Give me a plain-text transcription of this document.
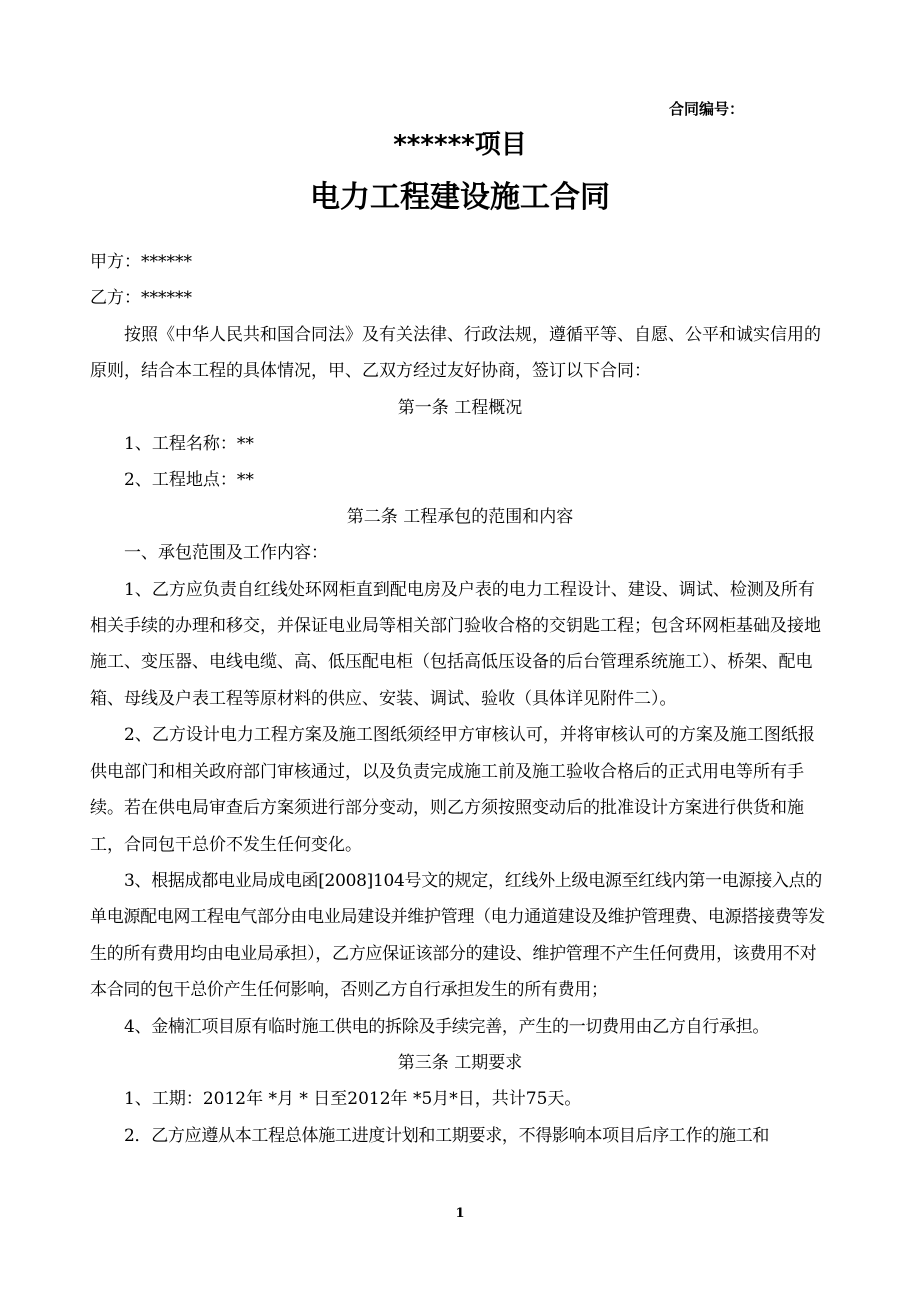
合同编号：
******项目
电力工程建设施工合同

甲方：******

乙方：******

按照《中华人民共和国合同法》及有关法律、行政法规，遵循平等、自愿、公平和诚实信用的原则，结合本工程的具体情况，甲、乙双方经过友好协商，签订以下合同：

第一条 工程概况

1、工程名称：**

2、工程地点：**

第二条 工程承包的范围和内容

一、承包范围及工作内容：

1、乙方应负责自红线处环网柜直到配电房及户表的电力工程设计、建设、调试、检测及所有相关手续的办理和移交，并保证电业局等相关部门验收合格的交钥匙工程；包含环网柜基础及接地施工、变压器、电线电缆、高、低压配电柜（包括高低压设备的后台管理系统施工）、桥架、配电箱、母线及户表工程等原材料的供应、安装、调试、验收（具体详见附件二）。

2、乙方设计电力工程方案及施工图纸须经甲方审核认可，并将审核认可的方案及施工图纸报供电部门和相关政府部门审核通过，以及负责完成施工前及施工验收合格后的正式用电等所有手续。若在供电局审查后方案须进行部分变动，则乙方须按照变动后的批准设计方案进行供货和施工，合同包干总价不发生任何变化。

3、根据成都电业局成电函[2008]104号文的规定，红线外上级电源至红线内第一电源接入点的单电源配电网工程电气部分由电业局建设并维护管理（电力通道建设及维护管理费、电源搭接费等发生的所有费用均由电业局承担），乙方应保证该部分的建设、维护管理不产生任何费用，该费用不对本合同的包干总价产生任何影响，否则乙方自行承担发生的所有费用；

4、金楠汇项目原有临时施工供电的拆除及手续完善，产生的一切费用由乙方自行承担。

第三条 工期要求

1、工期：2012年 *月 * 日至2012年 *5月*日，共计75天。

2．乙方应遵从本工程总体施工进度计划和工期要求，不得影响本项目后序工作的施工和

1
